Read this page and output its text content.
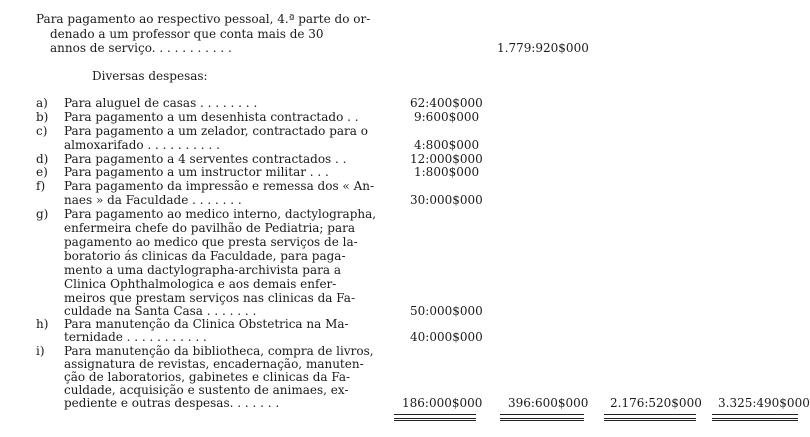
Para pagamento ao respectivo pessoal, 4.ª parte do or-
denado a um professor que conta mais de 30
annos de serviço. . . . . . . . . . .	1.779:920$000
Diversas despesas:
a) Para aluguel de casas . . . . . . . .	62:400$000
b) Para pagamento a um desenhista contractado . .	9:600$000
c) Para pagamento a um zelador, contractado para o
almoxarifado . . . . . . . . . .	4:800$000
d) Para pagamento a 4 serventes contractados . .	12:000$000
e) Para pagamento a um instructor militar . . .	1:800$000
f) Para pagamento da impressão e remessa dos « An-
naes » da Faculdade . . . . . . .	30:000$000
g) Para pagamento ao medico interno, dactylographa,
enfermeira chefe do pavilhão de Pediatria; para
pagamento ao medico que presta serviços de la-
boratorio ás clinicas da Faculdade, para paga-
mento a uma dactylographa-archivista para a
Clinica Ophthalmologica e aos demais enfer-
meiros que prestam serviços nas clinicas da Fa-
culdade na Santa Casa . . . . . . .	50:000$000
h) Para manutenção da Clinica Obstetrica na Ma-
ternidade . . . . . . . . . . .	40:000$000
i) Para manutenção da bibliotheca, compra de livros,
assignatura de revistas, encadernação, manuten-
ção de laboratorios, gabinetes e clinicas da Fa-
culdade, acquisição e sustento de animaes, ex-
pediente e outras despesas. . . . . . .	186:000$000 396:600$000 2.176:520$000 3.325:490$000
